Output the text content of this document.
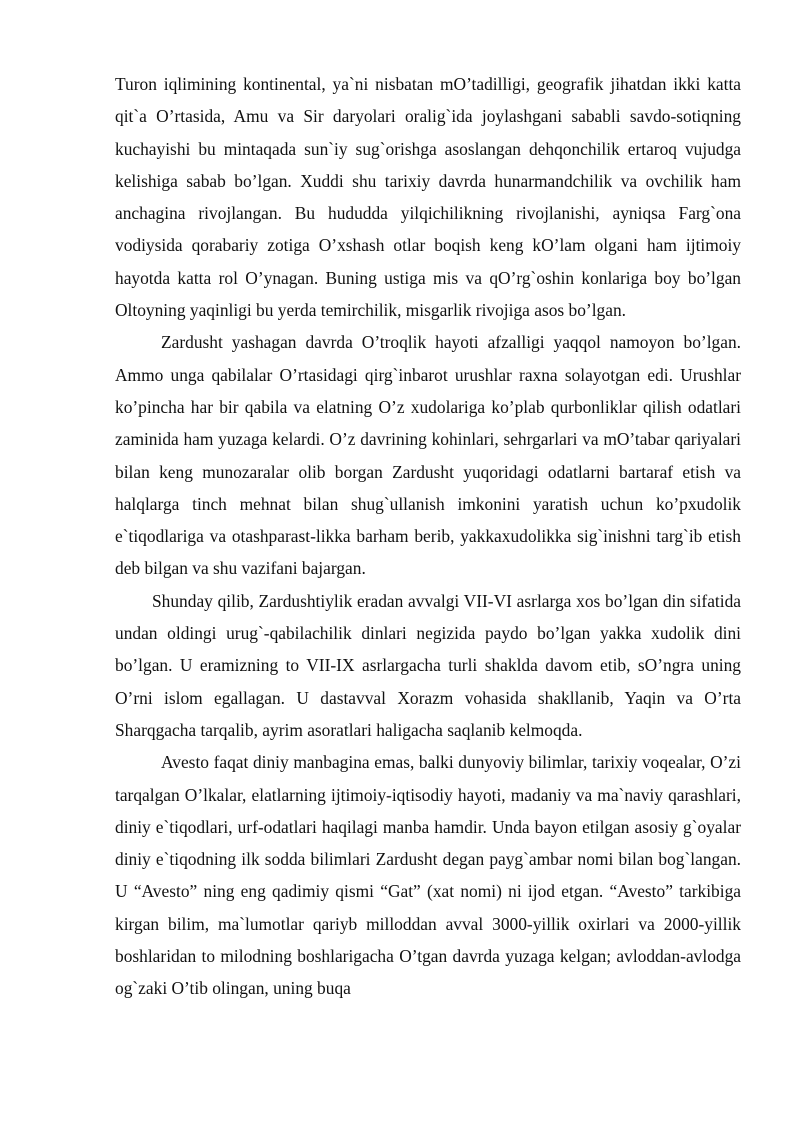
Turon iqlimining kontinental, ya`ni nisbatan mO’tadilligi, geografik jihatdan ikki katta qit`a O’rtasida, Amu va Sir daryolari oralig`ida joylashgani sababli savdo-sotiqning kuchayishi bu mintaqada sun`iy sug`orishga asoslangan dehqonchilik ertaroq vujudga kelishiga sabab bo’lgan. Xuddi shu tarixiy davrda hunarmandchilik va ovchilik ham anchagina rivojlangan. Bu hududda yilqichilikning rivojlanishi, ayniqsa Farg`ona vodiysida qorabariy zotiga O’xshash otlar boqish keng kO’lam olgani ham ijtimoiy hayotda katta rol O’ynagan. Buning ustiga mis va qO’rg`oshin konlariga boy bo’lgan Oltoyning yaqinligi bu yerda temirchilik, misgarlik rivojiga asos bo’lgan.

Zardusht yashagan davrda O’troqlik hayoti afzalligi yaqqol namoyon bo’lgan. Ammo unga qabilalar O’rtasidagi qirg`inbarot urushlar raxna solayotgan edi. Urushlar ko’pincha har bir qabila va elatning O’z xudolariga ko’plab qurbonliklar qilish odatlari zaminida ham yuzaga kelardi. O’z davrining kohinlari, sehrgarlari va mO’tabar qariyalari bilan keng munozaralar olib borgan Zardusht yuqoridagi odatlarni bartaraf etish va halqlarga tinch mehnat bilan shug`ullanish imkonini yaratish uchun ko’pxudolik e`tiqodlariga va otashparast-likka barham berib, yakkaxudolikka sig`inishni targ`ib etish deb bilgan va shu vazifani bajargan.

Shunday qilib, Zardushtiylik eradan avvalgi VII-VI asrlarga xos bo’lgan din sifatida undan oldingi urug`-qabilachilik dinlari negizida paydo bo’lgan yakka xudolik dini bo’lgan. U eramizning to VII-IX asrlargacha turli shaklda davom etib, sO’ngra uning O’rni islom egallagan. U dastavval Xorazm vohasida shakllanib, Yaqin va O’rta Sharqgacha tarqalib, ayrim asoratlari haligacha saqlanib kelmoqda.

Avesto faqat diniy manbagina emas, balki dunyoviy bilimlar, tarixiy voqealar, O’zi tarqalgan O’lkalar, elatlarning ijtimoiy-iqtisodiy hayoti, madaniy va ma`naviy qarashlari, diniy e`tiqodlari, urf-odatlari haqilagi manba hamdir. Unda bayon etilgan asosiy g`oyalar diniy e`tiqodning ilk sodda bilimlari Zardusht degan payg`ambar nomi bilan bog`langan. U “Avesto” ning eng qadimiy qismi “Gat” (xat nomi) ni ijod etgan. “Avesto” tarkibiga kirgan bilim, ma`lumotlar qariyb milloddan avval 3000-yillik oxirlari va 2000-yillik boshlaridan to milodning boshlarigacha O’tgan davrda yuzaga kelgan; avloddan-avlodga og`zaki O’tib olingan, uning buqa
